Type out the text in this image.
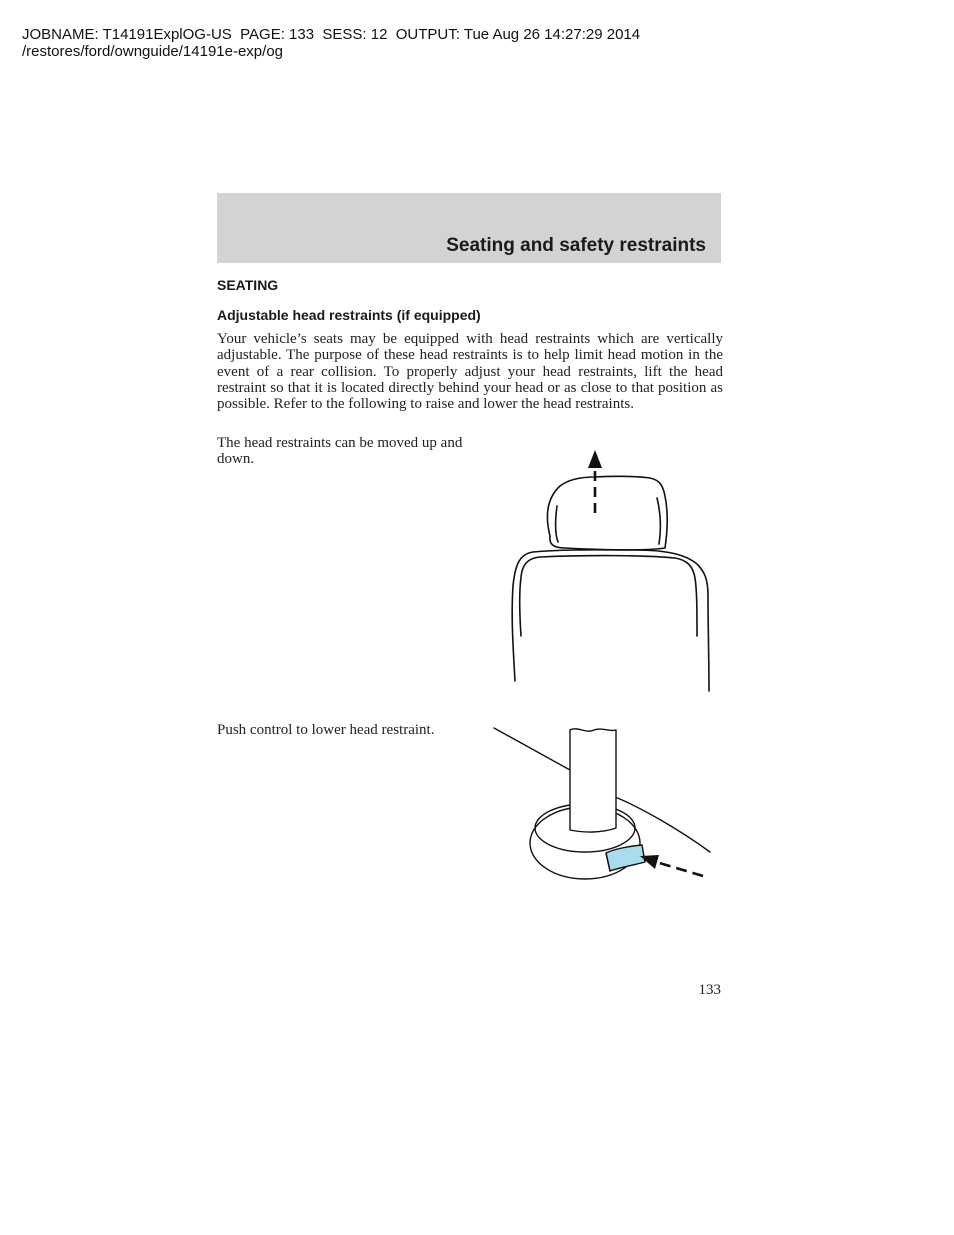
JOBNAME: T14191ExplOG-US  PAGE: 133  SESS: 12  OUTPUT: Tue Aug 26 14:27:29 2014
/restores/ford/ownguide/14191e-exp/og
Seating and safety restraints
SEATING
Adjustable head restraints (if equipped)

Your vehicle’s seats may be equipped with head restraints which are vertically adjustable. The purpose of these head restraints is to help limit head motion in the event of a rear collision. To properly adjust your head restraints, lift the head restraint so that it is located directly behind your head or as close to that position as possible. Refer to the following to raise and lower the head restraints.

The head restraints can be moved up and down.

Push control to lower head restraint.

133
